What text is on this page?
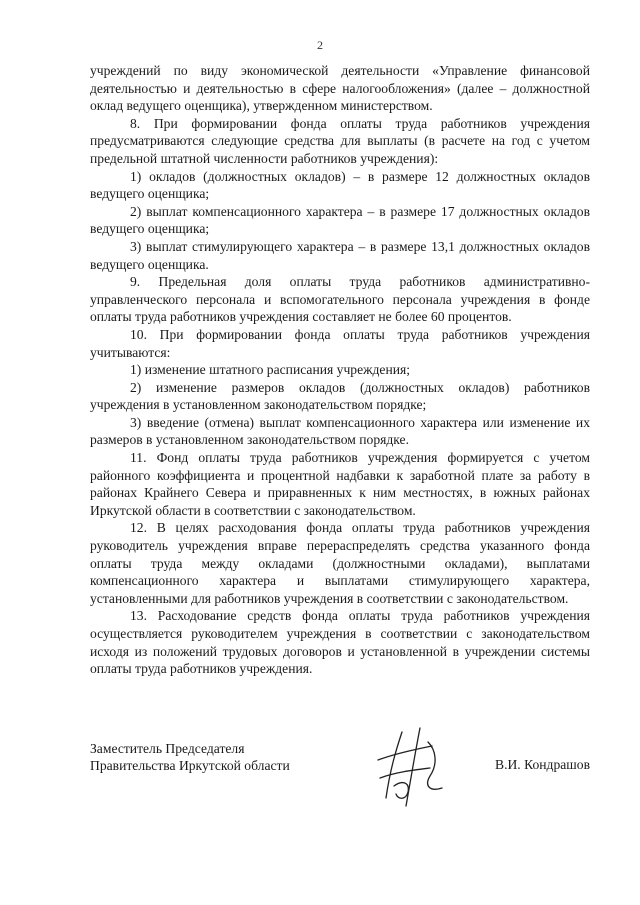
2

учреждений по виду экономической деятельности «Управление финансовой деятельностью и деятельностью в сфере налогообложения» (далее – должностной оклад ведущего оценщика), утвержденном министерством.

8. При формировании фонда оплаты труда работников учреждения предусматриваются следующие средства для выплаты (в расчете на год с учетом предельной штатной численности работников учреждения):

1) окладов (должностных окладов) – в размере 12 должностных окладов ведущего оценщика;

2) выплат компенсационного характера – в размере 17 должностных окладов ведущего оценщика;

3) выплат стимулирующего характера – в размере 13,1 должностных окладов ведущего оценщика.

9. Предельная доля оплаты труда работников административно-управленческого персонала и вспомогательного персонала учреждения в фонде оплаты труда работников учреждения составляет не более 60 процентов.

10. При формировании фонда оплаты труда работников учреждения учитываются:

1) изменение штатного расписания учреждения;

2) изменение размеров окладов (должностных окладов) работников учреждения в установленном законодательством порядке;

3) введение (отмена) выплат компенсационного характера или изменение их размеров в установленном законодательством порядке.

11. Фонд оплаты труда работников учреждения формируется с учетом районного коэффициента и процентной надбавки к заработной плате за работу в районах Крайнего Севера и приравненных к ним местностях, в южных районах Иркутской области в соответствии с законодательством.

12. В целях расходования фонда оплаты труда работников учреждения руководитель учреждения вправе перераспределять средства указанного фонда оплаты труда между окладами (должностными окладами), выплатами компенсационного характера и выплатами стимулирующего характера, установленными для работников учреждения в соответствии с законодательством.

13. Расходование средств фонда оплаты труда работников учреждения осуществляется руководителем учреждения в соответствии с законодательством исходя из положений трудовых договоров и установленной в учреждении системы оплаты труда работников учреждения.

Заместитель Председателя
Правительства Иркутской области	В.И. Кондрашов
